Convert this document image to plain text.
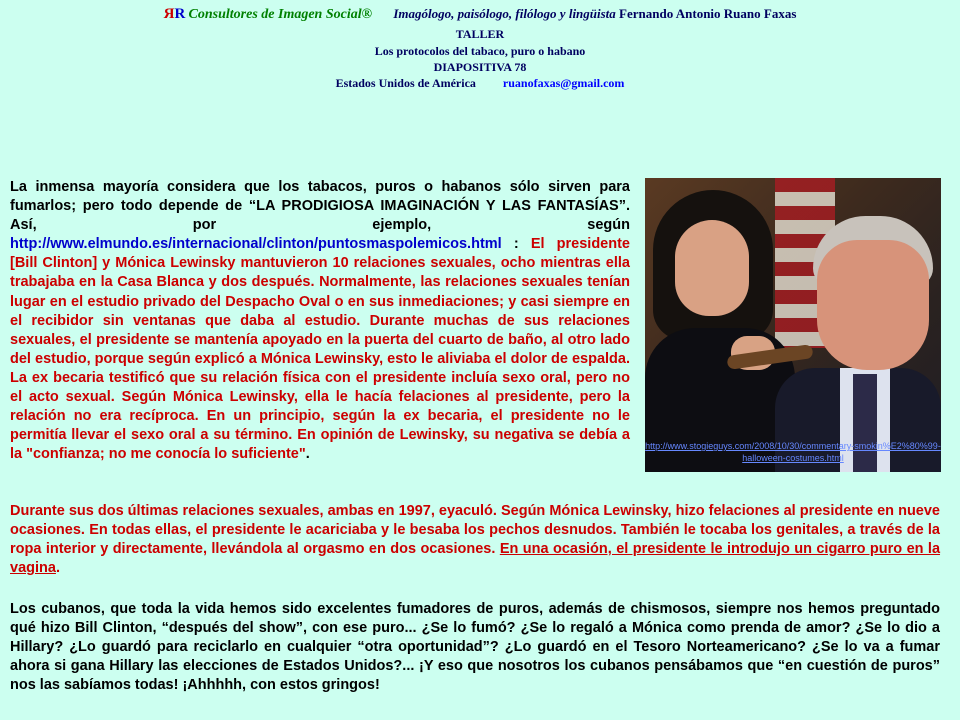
ЯR Consultores de Imagen Social® Imagólogo, paisólogo, filólogo y lingüista Fernando Antonio Ruano Faxas
TALLER
Los protocolos del tabaco, puro o habano
DIAPOSITIVA 78
Estados Unidos de América ruanofaxas@gmail.com
La inmensa mayoría considera que los tabacos, puros o habanos sólo sirven para fumarlos; pero todo depende de “LA PRODIGIOSA IMAGINACIÓN Y LAS FANTASÍAS”. Así, por ejemplo, según http://www.elmundo.es/internacional/clinton/puntosmaspolemicos.html : El presidente [Bill Clinton] y Mónica Lewinsky mantuvieron 10 relaciones sexuales, ocho mientras ella trabajaba en la Casa Blanca y dos después. Normalmente, las relaciones sexuales tenían lugar en el estudio privado del Despacho Oval o en sus inmediaciones; y casi siempre en el recibidor sin ventanas que daba al estudio. Durante muchas de sus relaciones sexuales, el presidente se mantenía apoyado en la puerta del cuarto de baño, al otro lado del estudio, porque según explicó a Mónica Lewinsky, esto le aliviaba el dolor de espalda. La ex becaria testificó que su relación física con el presidente incluía sexo oral, pero no el acto sexual. Según Mónica Lewinsky, ella le hacía felaciones al presidente, pero la relación no era recíproca. En un principio, según la ex becaria, el presidente no le permitía llevar el sexo oral a su término. En opinión de Lewinsky, su negativa se debía a la "confianza; no me conocía lo suficiente".
http://www.stogieguys.com/2008/10/30/commentary-smokin%E2%80%99-halloween-costumes.html
Durante sus dos últimas relaciones sexuales, ambas en 1997, eyaculó. Según Mónica Lewinsky, hizo felaciones al presidente en nueve ocasiones. En todas ellas, el presidente le acariciaba y le besaba los pechos desnudos. También le tocaba los genitales, a través de la ropa interior y directamente, llevándola al orgasmo en dos ocasiones. En una ocasión, el presidente le introdujo un cigarro puro en la vagina.
Los cubanos, que toda la vida hemos sido excelentes fumadores de puros, además de chismosos, siempre nos hemos preguntado qué hizo Bill Clinton, “después del show”, con ese puro... ¿Se lo fumó? ¿Se lo regaló a Mónica como prenda de amor? ¿Se lo dio a Hillary? ¿Lo guardó para reciclarlo en cualquier “otra oportunidad”? ¿Lo guardó en el Tesoro Norteamericano? ¿Se lo va a fumar ahora si gana Hillary las elecciones de Estados Unidos?... ¡Y eso que nosotros los cubanos pensábamos que “en cuestión de puros” nos las sabíamos todas! ¡Ahhhhh, con estos gringos!
